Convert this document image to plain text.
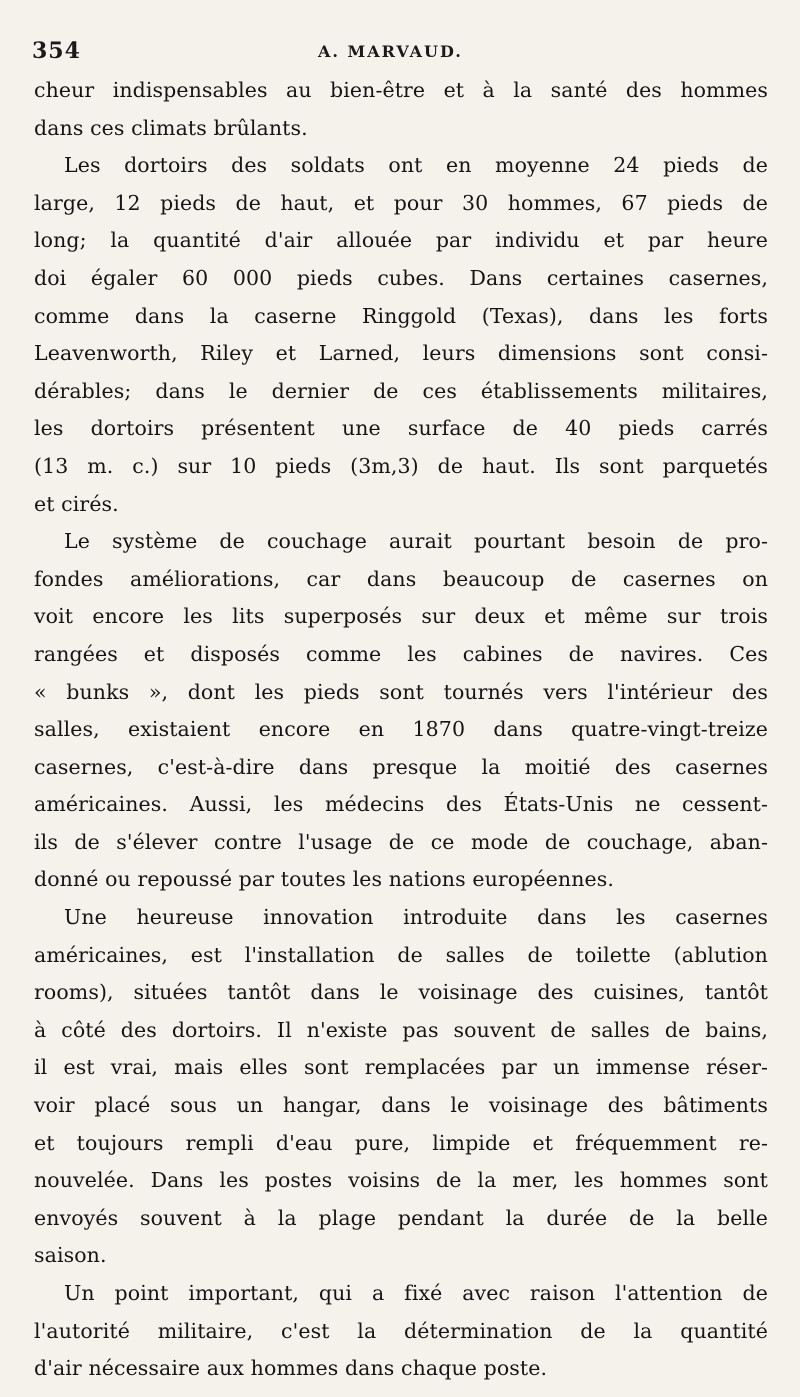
354	A. MARVAUD.
cheur indispensables au bien-être et à la santé des hommes
dans ces climats brûlants.
Les dortoirs des soldats ont en moyenne 24 pieds de
large, 12 pieds de haut, et pour 30 hommes, 67 pieds de
long; la quantité d'air allouée par individu et par heure
doi égaler 60 000 pieds cubes. Dans certaines casernes,
comme dans la caserne Ringgold (Texas), dans les forts
Leavenworth, Riley et Larned, leurs dimensions sont consi-
dérables; dans le dernier de ces établissements militaires,
les dortoirs présentent une surface de 40 pieds carrés
(13 m. c.) sur 10 pieds (3m,3) de haut. Ils sont parquetés
et cirés.
Le système de couchage aurait pourtant besoin de pro-
fondes améliorations, car dans beaucoup de casernes on
voit encore les lits superposés sur deux et même sur trois
rangées et disposés comme les cabines de navires. Ces
« bunks », dont les pieds sont tournés vers l'intérieur des
salles, existaient encore en 1870 dans quatre-vingt-treize
casernes, c'est-à-dire dans presque la moitié des casernes
américaines. Aussi, les médecins des États-Unis ne cessent-
ils de s'élever contre l'usage de ce mode de couchage, aban-
donné ou repoussé par toutes les nations européennes.
Une heureuse innovation introduite dans les casernes
américaines, est l'installation de salles de toilette (ablution
rooms), situées tantôt dans le voisinage des cuisines, tantôt
à côté des dortoirs. Il n'existe pas souvent de salles de bains,
il est vrai, mais elles sont remplacées par un immense réser-
voir placé sous un hangar, dans le voisinage des bâtiments
et toujours rempli d'eau pure, limpide et fréquemment re-
nouvelée. Dans les postes voisins de la mer, les hommes sont
envoyés souvent à la plage pendant la durée de la belle
saison.
Un point important, qui a fixé avec raison l'attention de
l'autorité militaire, c'est la détermination de la quantité
d'air nécessaire aux hommes dans chaque poste.
